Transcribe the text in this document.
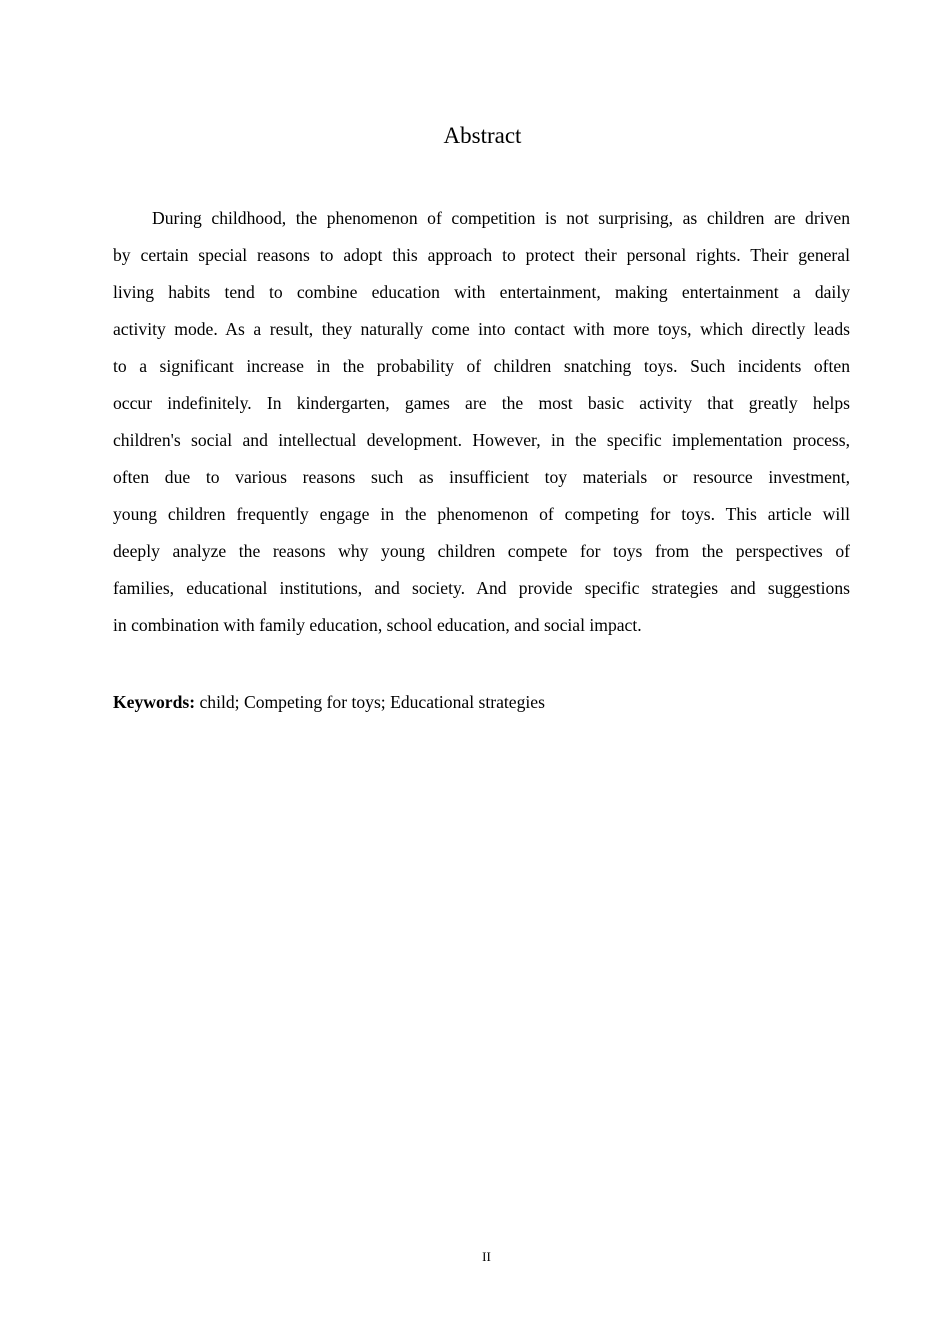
Abstract
During childhood, the phenomenon of competition is not surprising, as children are driven
by certain special reasons to adopt this approach to protect their personal rights. Their general
living habits tend to combine education with entertainment, making entertainment a daily
activity mode. As a result, they naturally come into contact with more toys, which directly leads
to a significant increase in the probability of children snatching toys. Such incidents often
occur indefinitely. In kindergarten, games are the most basic activity that greatly helps
children's social and intellectual development. However, in the specific implementation process,
often due to various reasons such as insufficient toy materials or resource investment,
young children frequently engage in the phenomenon of competing for toys. This article will
deeply analyze the reasons why young children compete for toys from the perspectives of
families, educational institutions, and society. And provide specific strategies and suggestions
in combination with family education, school education, and social impact.
Keywords: child; Competing for toys; Educational strategies
II
